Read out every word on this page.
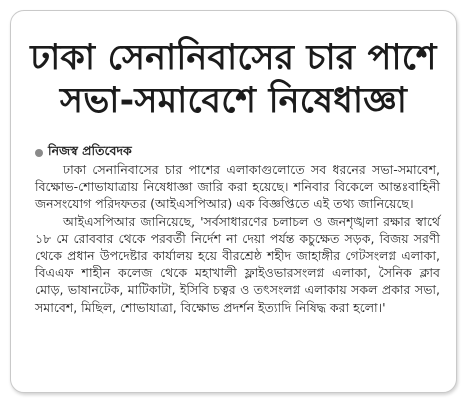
ঢাকা সেনানিবাসের চার পাশে
সভা-সমাবেশে নিষেধাজ্ঞা
নিজস্ব প্রতিবেদক

ঢাকা সেনানিবাসের চার পাশের এলাকাগুলোতে সব ধরনের সভা-সমাবেশ, বিক্ষোভ-শোভাযাত্রায় নিষেধাজ্ঞা জারি করা হয়েছে। শনিবার বিকেলে আন্তঃবাহিনী জনসংযোগ পরিদফতর (আইএসপিআর) এক বিজ্ঞপ্তিতে এই তথ্য জানিয়েছে।

আইএসপিআর জানিয়েছে, 'সর্বসাধারণের চলাচল ও জনশৃঙ্খলা রক্ষার স্বার্থে ১৮ মে রোববার থেকে পরবর্তী নির্দেশ না দেয়া পর্যন্ত কচুক্ষেত সড়ক, বিজয় সরণী থেকে প্রধান উপদেষ্টার কার্যালয় হয়ে বীরশ্রেষ্ঠ শহীদ জাহাঙ্গীর গেটসংলগ্ন এলাকা, বিএএফ শাহীন কলেজ থেকে মহাখালী ফ্লাইওভারসংলগ্ন এলাকা, সৈনিক ক্লাব মোড়, ভাষানটেক, মাটিকাটা, ইসিবি চত্বর ও তৎসংলগ্ন এলাকায় সকল প্রকার সভা, সমাবেশ, মিছিল, শোভাযাত্রা, বিক্ষোভ প্রদর্শন ইত্যাদি নিষিদ্ধ করা হলো।'
